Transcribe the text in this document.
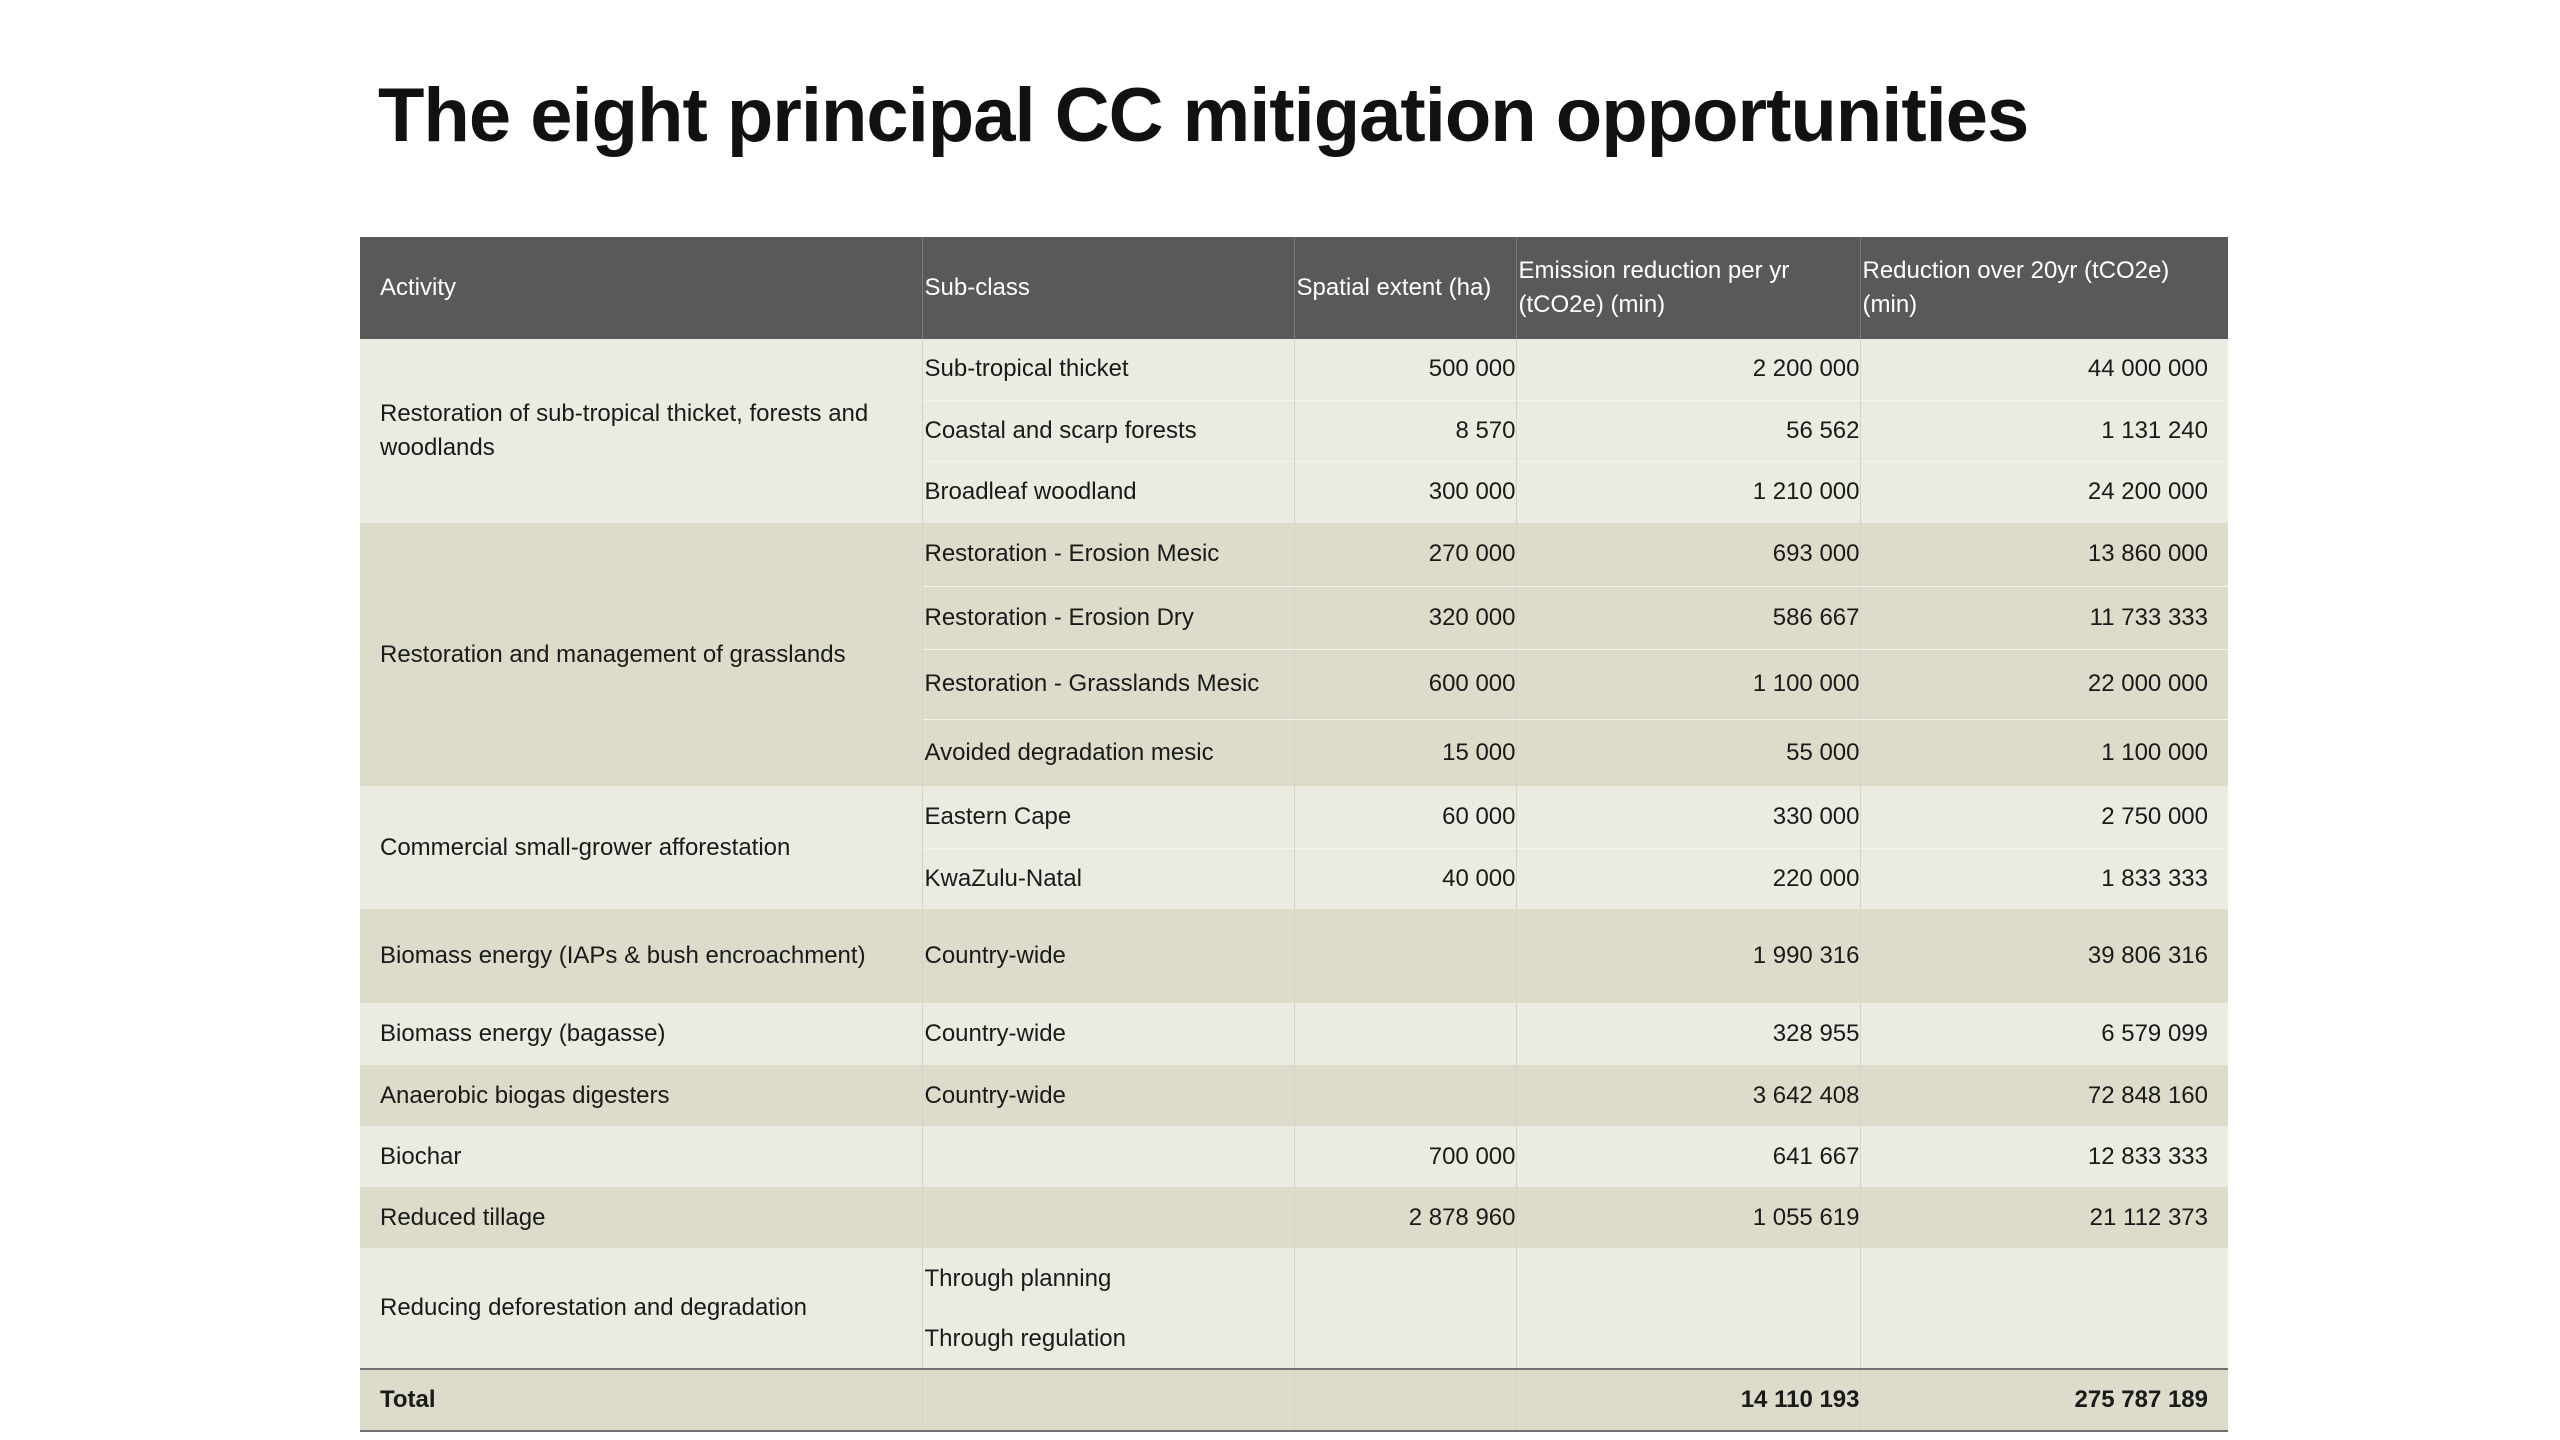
The eight principal CC mitigation opportunities
Activity	Sub-class	Spatial extent (ha)	Emission reduction per yr (tCO2e) (min)	Reduction over 20yr (tCO2e) (min)
Restoration of sub-tropical thicket, forests and woodlands	Sub-tropical thicket	500 000	2 200 000	44 000 000
	Coastal and scarp forests	8 570	56 562	1 131 240
	Broadleaf woodland	300 000	1 210 000	24 200 000
Restoration and management of grasslands	Restoration - Erosion Mesic	270 000	693 000	13 860 000
	Restoration - Erosion Dry	320 000	586 667	11 733 333
	Restoration - Grasslands Mesic	600 000	1 100 000	22 000 000
	Avoided degradation mesic	15 000	55 000	1 100 000
Commercial small-grower afforestation	Eastern Cape	60 000	330 000	2 750 000
	KwaZulu-Natal	40 000	220 000	1 833 333
Biomass energy (IAPs & bush encroachment)	Country-wide		1 990 316	39 806 316
Biomass energy (bagasse)	Country-wide		328 955	6 579 099
Anaerobic biogas digesters	Country-wide		3 642 408	72 848 160
Biochar		700 000	641 667	12 833 333
Reduced tillage		2 878 960	1 055 619	21 112 373
Reducing deforestation and degradation	Through planning			
	Through regulation			
Total			14 110 193	275 787 189
